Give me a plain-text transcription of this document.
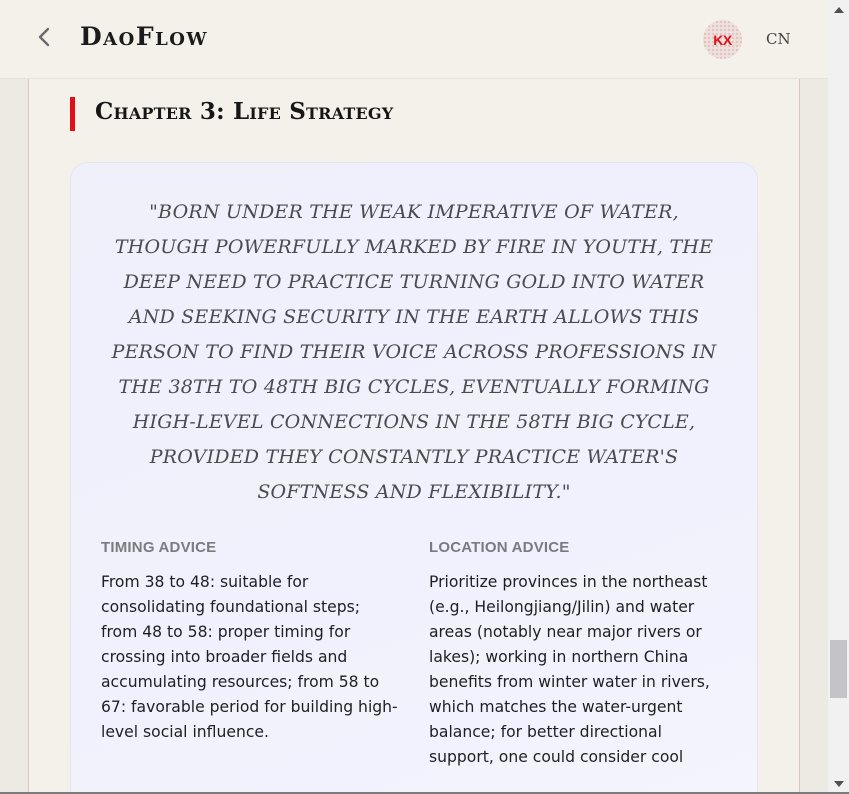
DaoFlow	KX	CN
Chapter 3: Life Strategy

"BORN UNDER THE WEAK IMPERATIVE OF WATER, THOUGH POWERFULLY MARKED BY FIRE IN YOUTH, THE DEEP NEED TO PRACTICE TURNING GOLD INTO WATER AND SEEKING SECURITY IN THE EARTH ALLOWS THIS PERSON TO FIND THEIR VOICE ACROSS PROFESSIONS IN THE 38TH TO 48TH BIG CYCLES, EVENTUALLY FORMING HIGH-LEVEL CONNECTIONS IN THE 58TH BIG CYCLE, PROVIDED THEY CONSTANTLY PRACTICE WATER'S SOFTNESS AND FLEXIBILITY."

TIMING ADVICE
From 38 to 48: suitable for consolidating foundational steps; from 48 to 58: proper timing for crossing into broader fields and accumulating resources; from 58 to 67: favorable period for building high-level social influence.
LOCATION ADVICE
Prioritize provinces in the northeast (e.g., Heilongjiang/Jilin) and water areas (notably near major rivers or lakes); working in northern China benefits from winter water in rivers, which matches the water-urgent balance; for better directional support, one could consider cool
